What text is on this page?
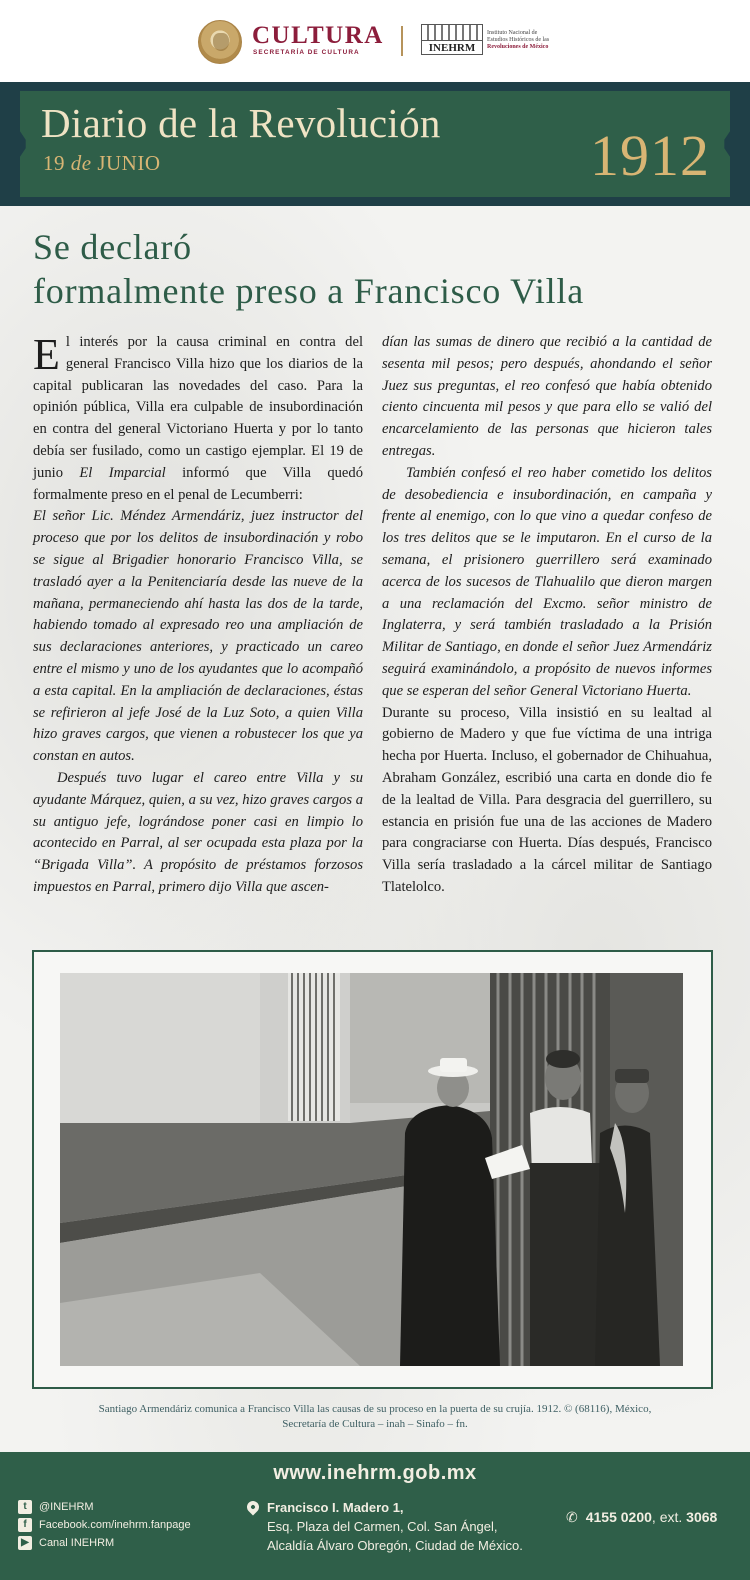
CULTURA
SECRETARÍA DE CULTURA	INEHRM
Instituto Nacional de
Estudios Históricos de las
Revoluciones de México
Diario de la Revolución
19 de JUNIO	1912
Se declaró
formalmente preso a Francisco Villa

El interés por la causa criminal en contra del general Francisco Villa hizo que los diarios de la capital publicaran las novedades del caso. Para la opinión pública, Villa era culpable de insubordinación en contra del general Victoriano Huerta y por lo tanto debía ser fusilado, como un castigo ejemplar. El 19 de junio El Imparcial informó que Villa quedó formalmente preso en el penal de Lecumberri:

El señor Lic. Méndez Armendáriz, juez instructor del proceso que por los delitos de insubordinación y robo se sigue al Brigadier honorario Francisco Villa, se trasladó ayer a la Penitenciaría desde las nueve de la mañana, permaneciendo ahí hasta las dos de la tarde, habiendo tomado al expresado reo una ampliación de sus declaraciones anteriores, y practicado un careo entre el mismo y uno de los ayudantes que lo acompañó a esta capital. En la ampliación de declaraciones, éstas se refirieron al jefe José de la Luz Soto, a quien Villa hizo graves cargos, que vienen a robustecer los que ya constan en autos.

Después tuvo lugar el careo entre Villa y su ayudante Márquez, quien, a su vez, hizo graves cargos a su antiguo jefe, lográndose poner casi en limpio lo acontecido en Parral, al ser ocupada esta plaza por la “Brigada Villa”. A propósito de préstamos forzosos impuestos en Parral, primero dijo Villa que ascen-

dían las sumas de dinero que recibió a la cantidad de sesenta mil pesos; pero después, ahondando el señor Juez sus preguntas, el reo confesó que había obtenido ciento cincuenta mil pesos y que para ello se valió del encarcelamiento de las personas que hicieron tales entregas.

También confesó el reo haber cometido los delitos de desobediencia e insubordinación, en campaña y frente al enemigo, con lo que vino a quedar confeso de los tres delitos que se le imputaron. En el curso de la semana, el prisionero guerrillero será examinado acerca de los sucesos de Tlahualilo que dieron margen a una reclamación del Excmo. señor ministro de Inglaterra, y será también trasladado a la Prisión Militar de Santiago, en donde el señor Juez Armendáriz seguirá examinándolo, a propósito de nuevos informes que se esperan del señor General Victoriano Huerta.

Durante su proceso, Villa insistió en su lealtad al gobierno de Madero y que fue víctima de una intriga hecha por Huerta. Incluso, el gobernador de Chihuahua, Abraham González, escribió una carta en donde dio fe de la lealtad de Villa. Para desgracia del guerrillero, su estancia en prisión fue una de las acciones de Madero para congraciarse con Huerta. Días después, Francisco Villa sería trasladado a la cárcel militar de Santiago Tlatelolco.

Santiago Armendáriz comunica a Francisco Villa las causas de su proceso en la puerta de su crujía. 1912. © (68116), México,
Secretaría de Cultura – inah – Sinafo – fn.
www.inehrm.gob.mx
t	@INEHRM
f	Facebook.com/inehrm.fanpage
▶ Canal INEHRM
Francisco I. Madero 1,
Esq. Plaza del Carmen, Col. San Ángel,
Alcaldía Álvaro Obregón, Ciudad de México.
✆ 4155 0200, ext. 3068
